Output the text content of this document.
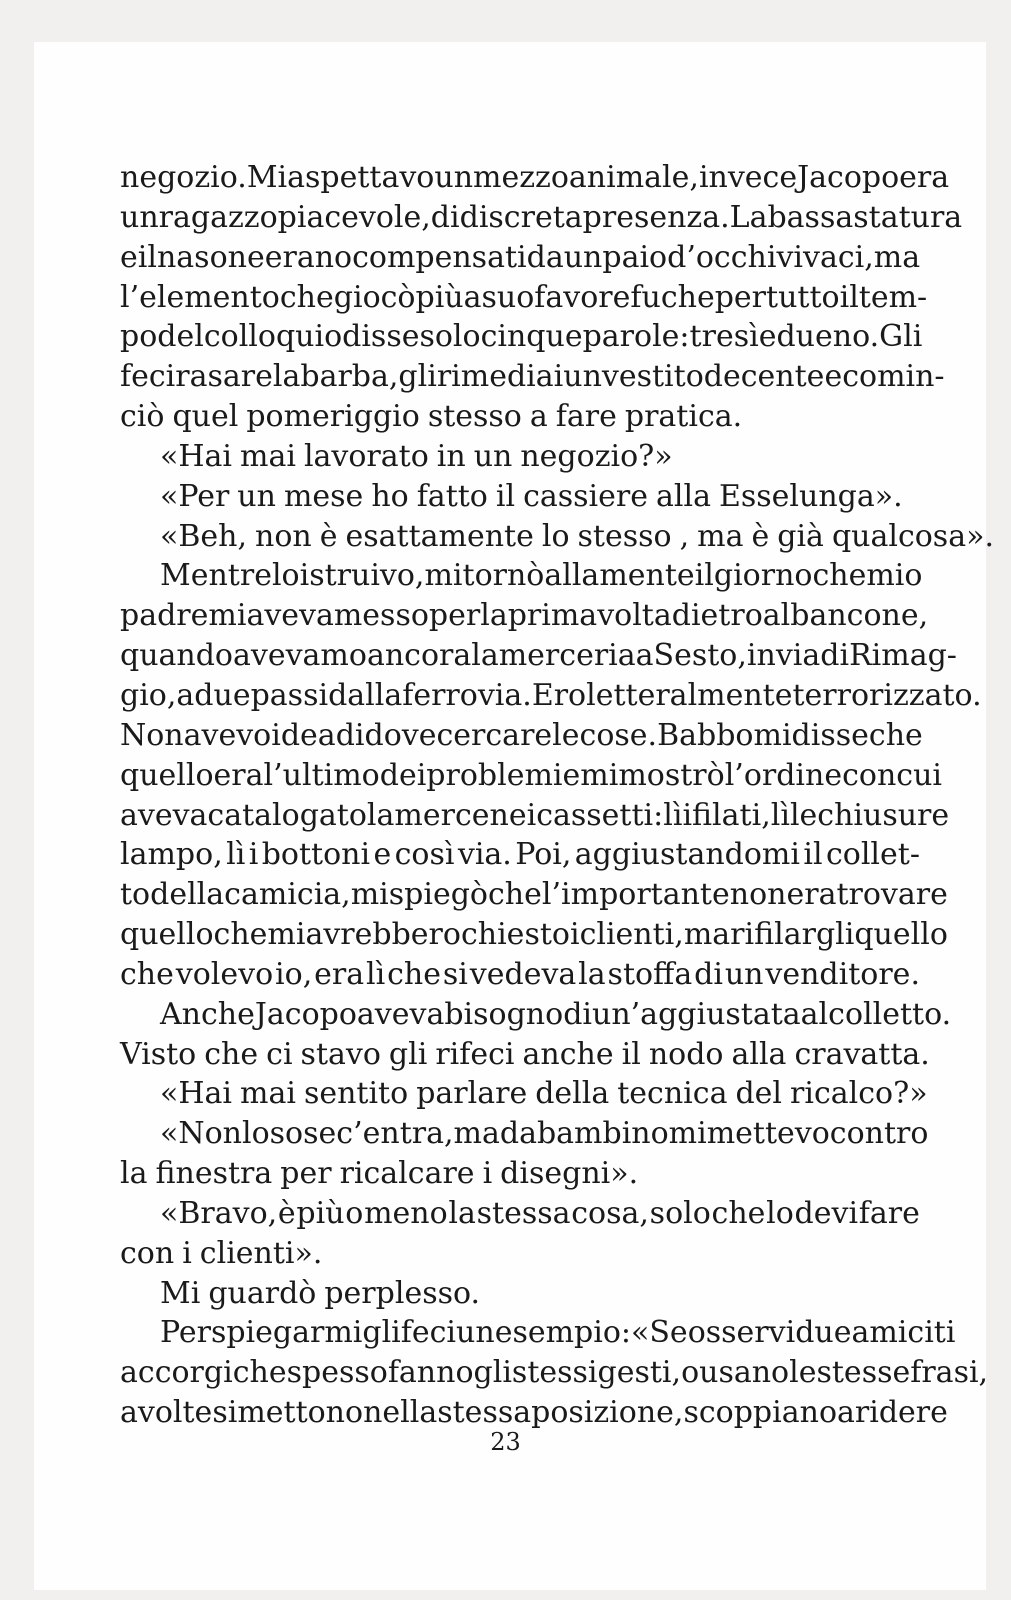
negozio. Mi aspettavo un mezzo animale, invece Jacopo era
un ragazzo piacevole, di discreta presenza. La bassa statura
e il nasone erano compensati da un paio d’occhi vivaci, ma
l’elemento che giocò più a suo favore fu che per tutto il tem-
po del colloquio disse solo cinque parole: tre sì e due no. Gli
feci rasare la barba, gli rimediai un vestito decente e comin-
ciò quel pomeriggio stesso a fare pratica.
«Hai mai lavorato in un negozio?»
«Per un mese ho fatto il cassiere alla Esselunga».
«Beh, non è esattamente lo stesso , ma è già qualcosa».
Mentre lo istruivo, mi tornò alla mente il giorno che mio
padre mi aveva messo per la prima volta dietro al bancone,
quando avevamo ancora la merceria a Sesto, in via di Rimag-
gio, a due passi dalla ferrovia. Ero letteralmente terrorizzato.
Non avevo idea di dove cercare le cose. Babbo mi disse che
quello era l’ultimo dei problemi e mi mostrò l’ordine con cui
aveva catalogato la merce nei cassetti: lì i filati, lì le chiusure
lampo, lì i bottoni e così via. Poi, aggiustandomi il collet-
to della camicia, mi spiegò che l’importante non era trovare
quello che mi avrebbero chiesto i clienti, ma rifilargli quello
che volevo io, era lì che si vedeva la stoffa di un venditore.
Anche Jacopo aveva bisogno di un’aggiustata al colletto.
Visto che ci stavo gli rifeci anche il nodo alla cravatta.
«Hai mai sentito parlare della tecnica del ricalco?»
«Non lo so se c’entra, ma da bambino mi mettevo contro
la finestra per ricalcare i disegni».
«Bravo, è più o meno la stessa cosa, solo che lo devi fare
con i clienti».
Mi guardò perplesso.
Per spiegarmi gli feci un esempio: «Se osservi due amici ti
accorgi che spesso fanno gli stessi gesti, o usano le stesse frasi,
a volte si mettono nella stessa posizione, scoppiano a ridere
23
